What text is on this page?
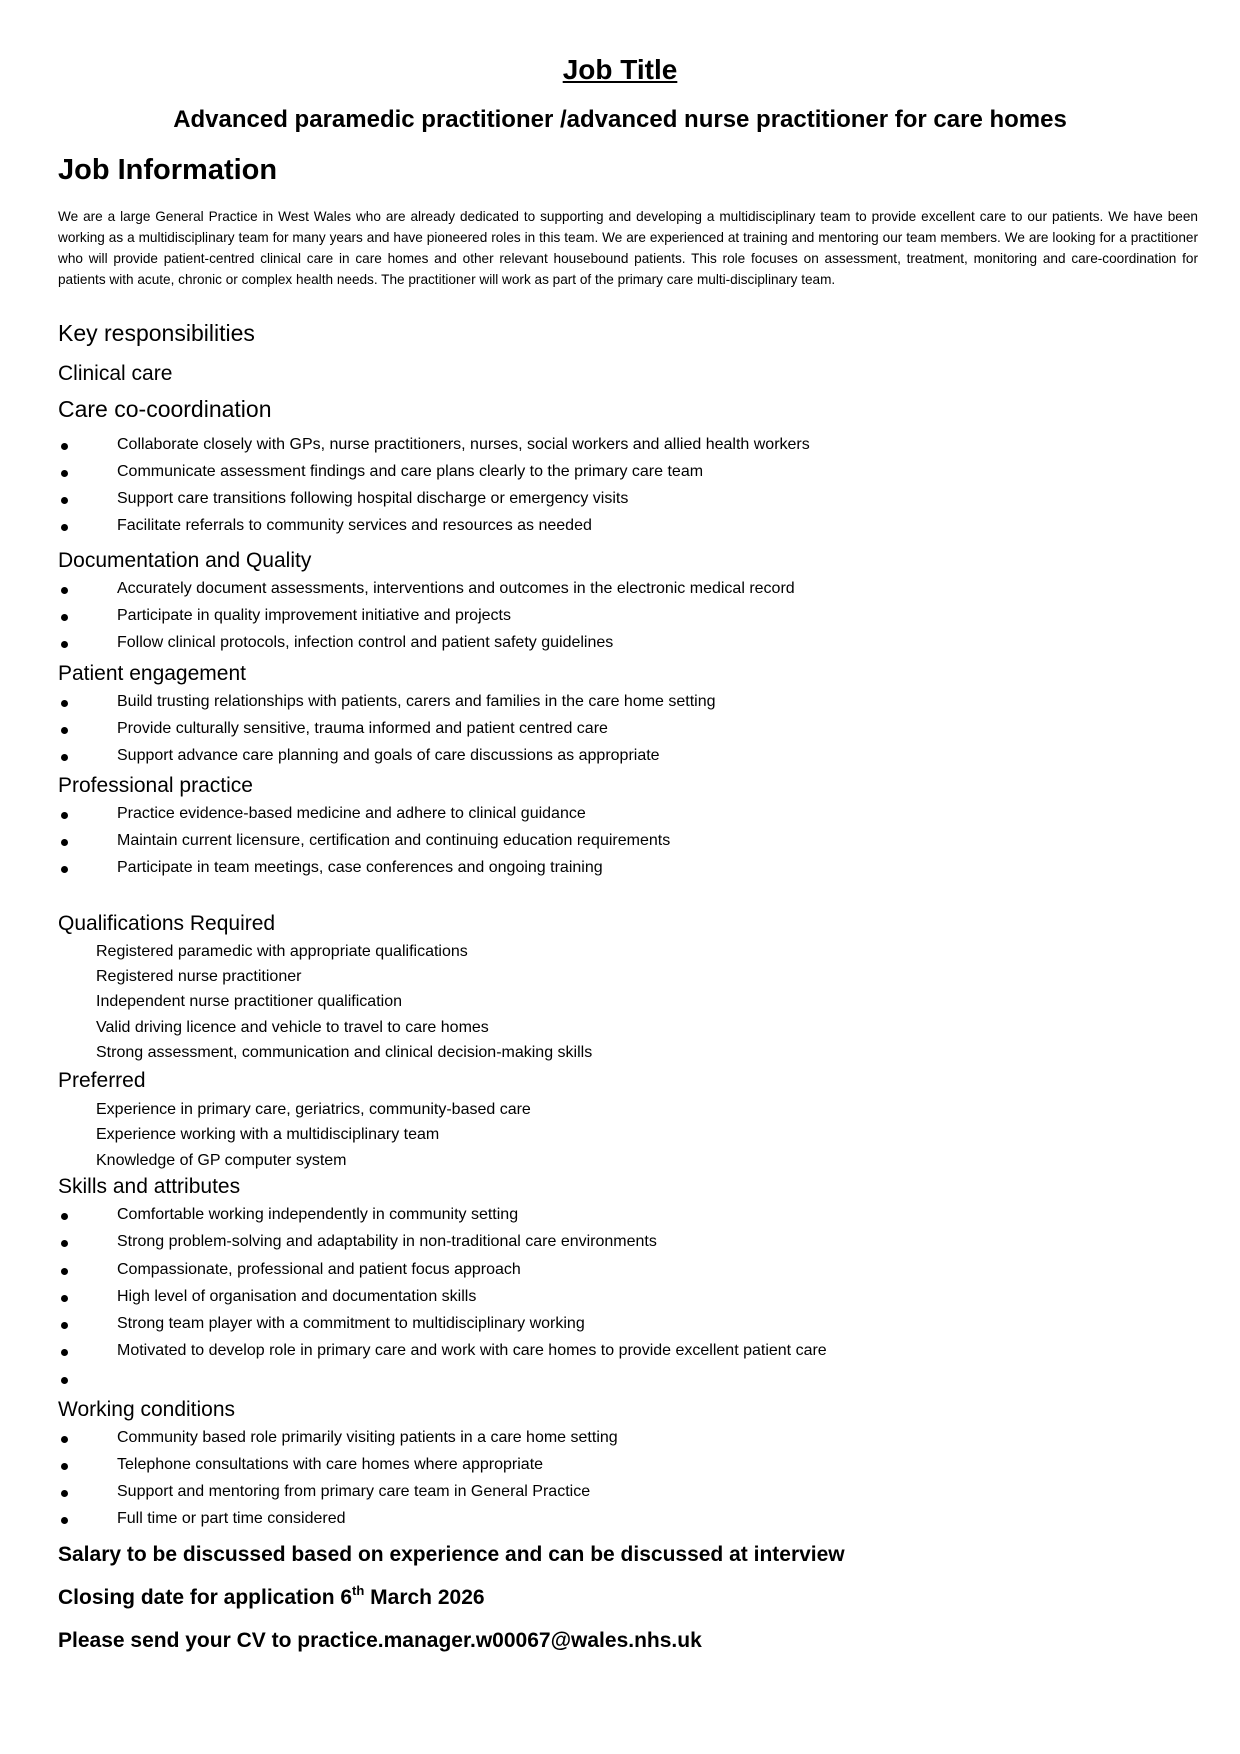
Job Title
Advanced paramedic practitioner /advanced nurse practitioner for care homes
Job Information

We are a large General Practice in West Wales who are already dedicated to supporting and developing a multidisciplinary team to provide excellent care to our patients. We have been working as a multidisciplinary team for many years and have pioneered roles in this team. We are experienced at training and mentoring our team members. We are looking for a practitioner who will provide patient-centred clinical care in care homes and other relevant housebound patients. This role focuses on assessment, treatment, monitoring and care-coordination for patients with acute, chronic or complex health needs. The practitioner will work as part of the primary care multi-disciplinary team.

Key responsibilities
Clinical care
Care co-coordination
Collaborate closely with GPs, nurse practitioners, nurses, social workers and allied health workers
Communicate assessment findings and care plans clearly to the primary care team
Support care transitions following hospital discharge or emergency visits
Facilitate referrals to community services and resources as needed
Documentation and Quality
Accurately document assessments, interventions and outcomes in the electronic medical record
Participate in quality improvement initiative and projects
Follow clinical protocols, infection control and patient safety guidelines
Patient engagement
Build trusting relationships with patients, carers and families in the care home setting
Provide culturally sensitive, trauma informed and patient centred care
Support advance care planning and goals of care discussions as appropriate
Professional practice
Practice evidence-based medicine and adhere to clinical guidance
Maintain current licensure, certification and continuing education requirements
Participate in team meetings, case conferences and ongoing training
Qualifications Required
Registered paramedic with appropriate qualifications
Registered nurse practitioner
Independent nurse practitioner qualification
Valid driving licence and vehicle to travel to care homes
Strong assessment, communication and clinical decision-making skills
Preferred
Experience in primary care, geriatrics, community-based care
Experience working with a multidisciplinary team
Knowledge of GP computer system
Skills and attributes
Comfortable working independently in community setting
Strong problem-solving and adaptability in non-traditional care environments
Compassionate, professional and patient focus approach
High level of organisation and documentation skills
Strong team player with a commitment to multidisciplinary working
Motivated to develop role in primary care and work with care homes to provide excellent patient care
Working conditions
Community based role primarily visiting patients in a care home setting
Telephone consultations with care homes where appropriate
Support and mentoring from primary care team in General Practice
Full time or part time considered
Salary to be discussed based on experience and can be discussed at interview
Closing date for application 6th March 2026
Please send your CV to practice.manager.w00067@wales.nhs.uk
